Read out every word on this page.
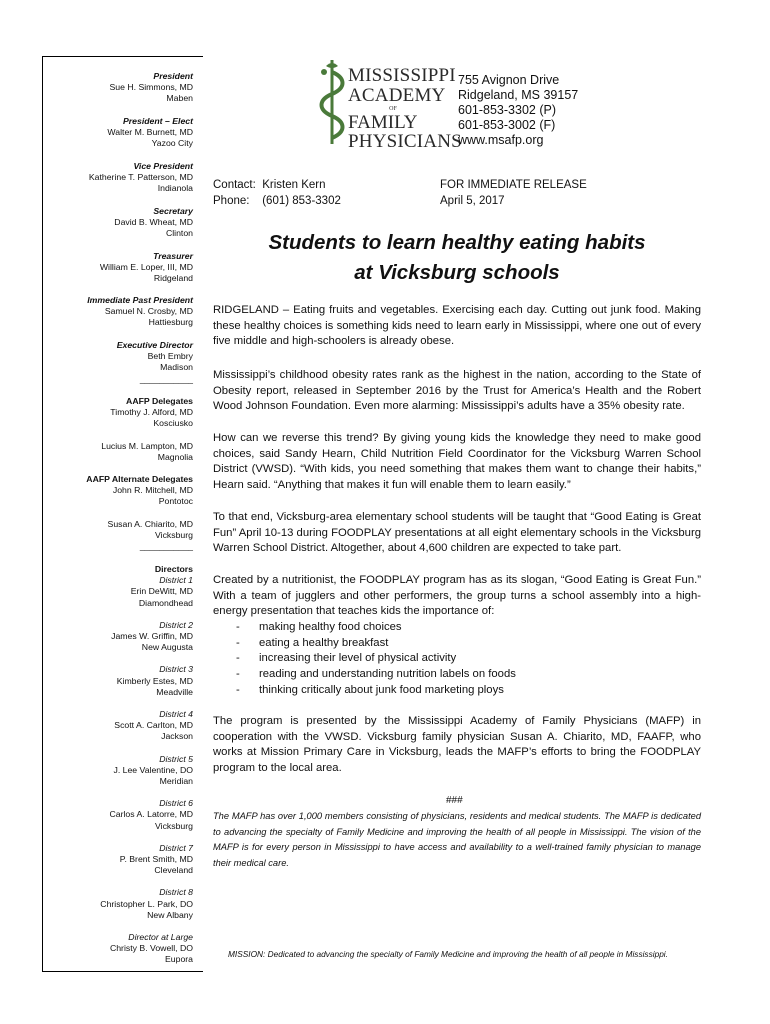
President
Sue H. Simmons, MD
Maben
President – Elect
Walter M. Burnett, MD
Yazoo City
Vice President
Katherine T. Patterson, MD
Indianola
Secretary
David B. Wheat, MD
Clinton
Treasurer
William E. Loper, III, MD
Ridgeland
Immediate Past President
Samuel N. Crosby, MD
Hattiesburg
Executive Director
Beth Embry
Madison
___________
AAFP Delegates
Timothy J. Alford, MD
Kosciusko
Lucius M. Lampton, MD
Magnolia
AAFP Alternate Delegates
John R. Mitchell, MD
Pontotoc
Susan A. Chiarito, MD
Vicksburg
___________
Directors
District 1
Erin DeWitt, MD
Diamondhead
District 2
James W. Griffin, MD
New Augusta
District 3
Kimberly Estes, MD
Meadville
District 4
Scott A. Carlton, MD
Jackson
District 5
J. Lee Valentine, DO
Meridian
District 6
Carlos A. Latorre, MD
Vicksburg
District 7
P. Brent Smith, MD
Cleveland
District 8
Christopher L. Park, DO
New Albany
Director at Large
Christy B. Vowell, DO
Eupora
MISSISSIPPI
ACADEMY
OF
FAMILY
PHYSICIANS
755 Avignon Drive
Ridgeland, MS 39157
601-853-3302 (P)
601-853-3002 (F)
www.msafp.org
Contact:  Kristen Kern
Phone:    (601) 853-3302
FOR IMMEDIATE RELEASE
April 5, 2017
Students to learn healthy eating habits
at Vicksburg schools
RIDGELAND – Eating fruits and vegetables. Exercising each day. Cutting out junk food. Making these healthy choices is something kids need to learn early in Mississippi, where one out of every five middle and high-schoolers is already obese.
Mississippi’s childhood obesity rates rank as the highest in the nation, according to the State of Obesity report, released in September 2016 by the Trust for America’s Health and the Robert Wood Johnson Foundation. Even more alarming: Mississippi’s adults have a 35% obesity rate.
How can we reverse this trend? By giving young kids the knowledge they need to make good choices, said Sandy Hearn, Child Nutrition Field Coordinator for the Vicksburg Warren School District (VWSD). “With kids, you need something that makes them want to change their habits,” Hearn said. “Anything that makes it fun will enable them to learn easily.”
To that end, Vicksburg-area elementary school students will be taught that “Good Eating is Great Fun” April 10-13 during FOODPLAY presentations at all eight elementary schools in the Vicksburg Warren School District. Altogether, about 4,600 children are expected to take part.
Created by a nutritionist, the FOODPLAY program has as its slogan, “Good Eating is Great Fun.” With a team of jugglers and other performers, the group turns a school assembly into a high-energy presentation that teaches kids the importance of:
- making healthy food choices
- eating a healthy breakfast
- increasing their level of physical activity
- reading and understanding nutrition labels on foods
- thinking critically about junk food marketing ploys
The program is presented by the Mississippi Academy of Family Physicians (MAFP) in cooperation with the VWSD. Vicksburg family physician Susan A. Chiarito, MD, FAAFP, who works at Mission Primary Care in Vicksburg, leads the MAFP’s efforts to bring the FOODPLAY program to the local area.
###
The MAFP has over 1,000 members consisting of physicians, residents and medical students. The MAFP is dedicated to advancing the specialty of Family Medicine and improving the health of all people in Mississippi. The vision of the MAFP is for every person in Mississippi to have access and availability to a well-trained family physician to manage their medical care.
MISSION: Dedicated to advancing the specialty of Family Medicine and improving the health of all people in Mississippi.
